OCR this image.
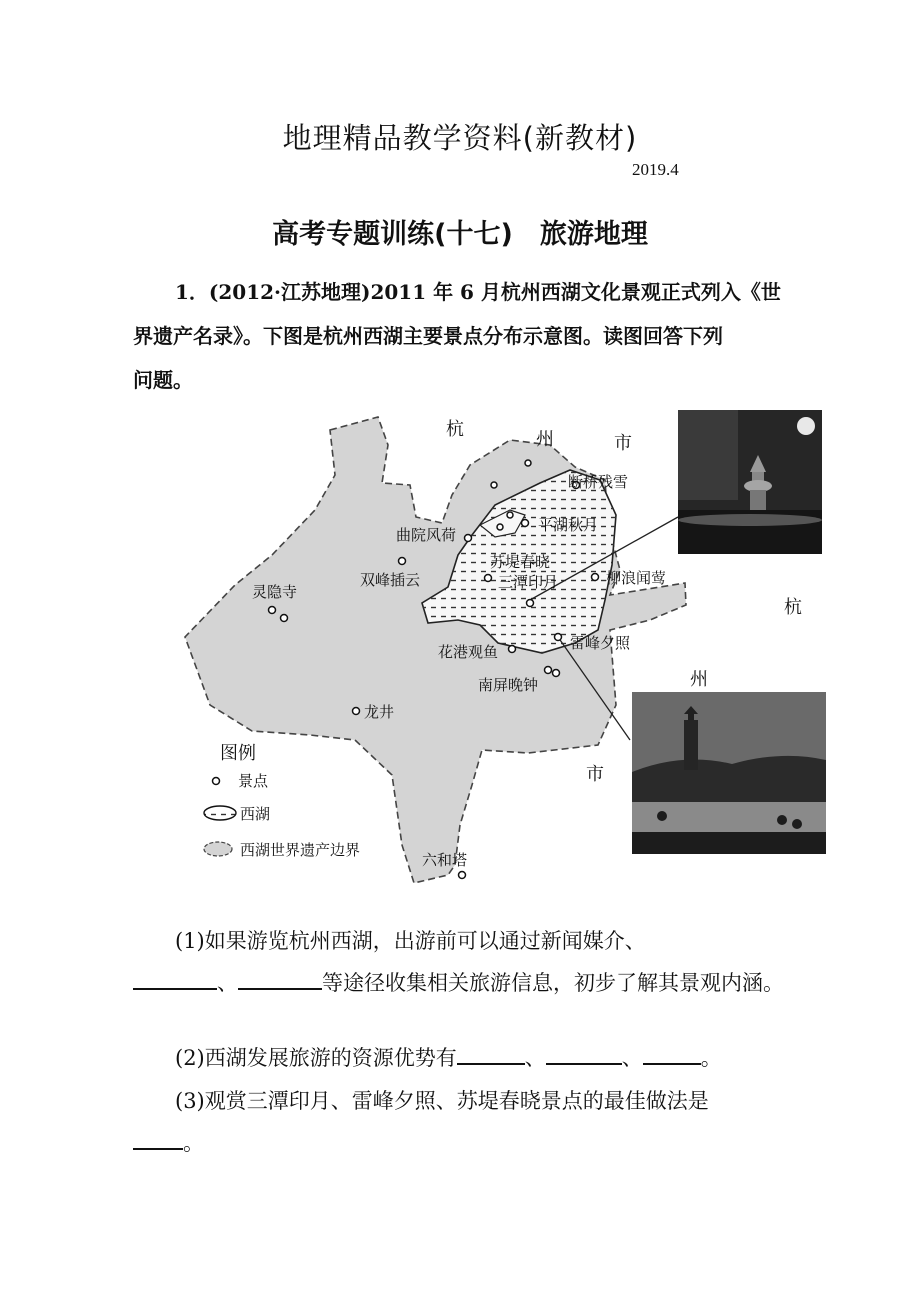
地理精品教学资料(新教材)
2019.4
高考专题训练(十七)　旅游地理
1．(2012·江苏地理)2011 年 6 月杭州西湖文化景观正式列入《世
界遗产名录》。下图是杭州西湖主要景点分布示意图。读图回答下列
问题。
杭	州	市
杭
州
市
断桥残雪
平湖秋月
曲院风荷
苏堤春晓
三潭印月	柳浪闻莺
双峰插云
灵隐寺
雷峰夕照
花港观鱼
南屏晚钟
龙井
六和塔
图例
景点
西湖
西湖世界遗产边界
(1)如果游览杭州西湖，出游前可以通过新闻媒介、
、	等途径收集相关旅游信息，初步了解其景观内涵。
(2)西湖发展旅游的资源优势有	、	、	。
(3)观赏三潭印月、雷峰夕照、苏堤春晓景点的最佳做法是
。
